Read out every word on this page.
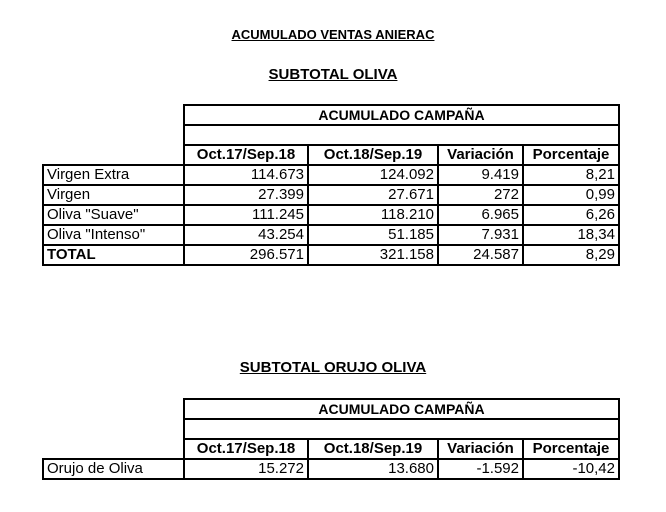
ACUMULADO VENTAS ANIERAC
SUBTOTAL OLIVA
	ACUMULADO CAMPAÑA			

	Oct.17/Sep.18	Oct.18/Sep.19	Variación	Porcentaje
Virgen Extra	114.673	124.092	9.419	8,21
Virgen	27.399	27.671	272	0,99
Oliva "Suave"	111.245	118.210	6.965	6,26
Oliva "Intenso"	43.254	51.185	7.931	18,34
TOTAL	296.571	321.158	24.587	8,29
SUBTOTAL ORUJO OLIVA
	ACUMULADO CAMPAÑA			

	Oct.17/Sep.18	Oct.18/Sep.19	Variación	Porcentaje
Orujo de Oliva	15.272	13.680	-1.592	-10,42
